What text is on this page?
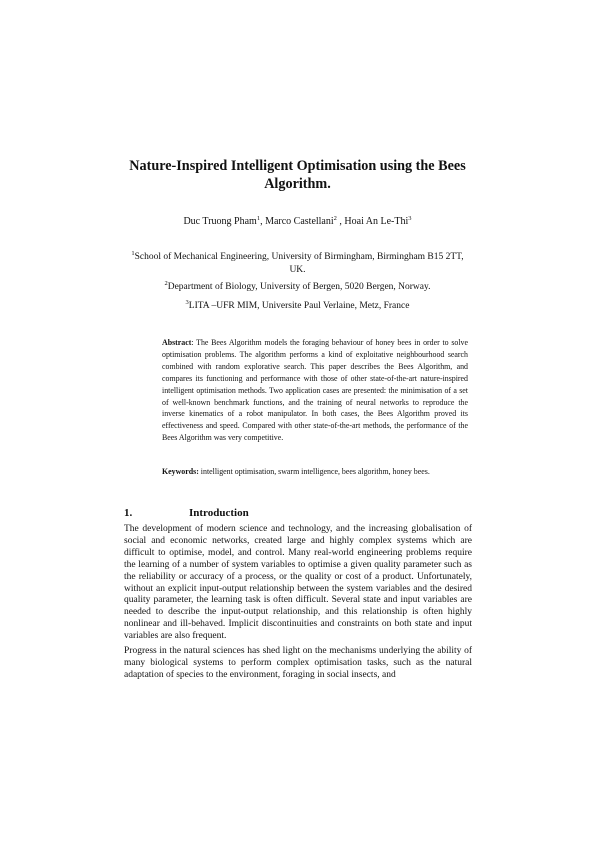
Nature-Inspired Intelligent Optimisation using the Bees Algorithm.
Duc Truong Pham$^1$, Marco Castellani$^2$ , Hoai An Le-Thi$^3$
$^1$School of Mechanical Engineering, University of Birmingham, Birmingham B15 2TT, UK.
$^2$Department of Biology, University of Bergen, 5020 Bergen, Norway.
$^3$LITA –UFR MIM, Universite Paul Verlaine, Metz, France
Abstract: The Bees Algorithm models the foraging behaviour of honey bees in order to solve optimisation problems. The algorithm performs a kind of exploitative neighbourhood search combined with random explorative search. This paper describes the Bees Algorithm, and compares its functioning and performance with those of other state-of-the-art nature-inspired intelligent optimisation methods. Two application cases are presented: the minimisation of a set of well-known benchmark functions, and the training of neural networks to reproduce the inverse kinematics of a robot manipulator. In both cases, the Bees Algorithm proved its effectiveness and speed. Compared with other state-of-the-art methods, the performance of the Bees Algorithm was very competitive.
Keywords: intelligent optimisation, swarm intelligence, bees algorithm, honey bees.
1.	Introduction

The development of modern science and technology, and the increasing globalisation of social and economic networks, created large and highly complex systems which are difficult to optimise, model, and control. Many real-world engineering problems require the learning of a number of system variables to optimise a given quality parameter such as the reliability or accuracy of a process, or the quality or cost of a product. Unfortunately, without an explicit input-output relationship between the system variables and the desired quality parameter, the learning task is often difficult. Several state and input variables are needed to describe the input-output relationship, and this relationship is often highly nonlinear and ill-behaved. Implicit discontinuities and constraints on both state and input variables are also frequent.

Progress in the natural sciences has shed light on the mechanisms underlying the ability of many biological systems to perform complex optimisation tasks, such as the natural adaptation of species to the environment, foraging in social insects, and
